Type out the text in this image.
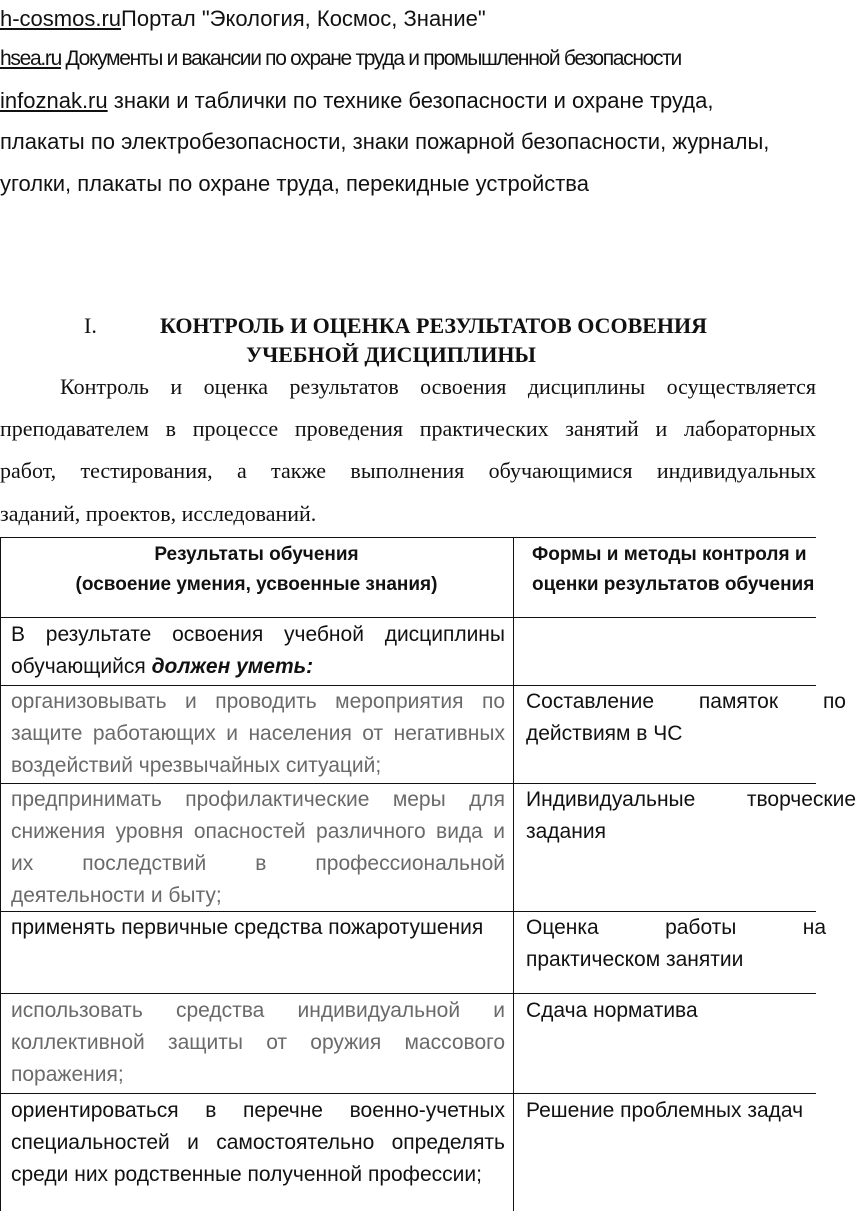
h-cosmos.ruПортал "Экология, Космос, Знание"
hsea.ru Документы и вакансии по охране труда и промышленной безопасности
infoznak.ru знаки и таблички по технике безопасности и охране труда,
плакаты по электробезопасности, знаки пожарной безопасности, журналы,
уголки, плакаты по охране труда, перекидные устройства
I.	КОНТРОЛЬ И ОЦЕНКА РЕЗУЛЬТАТОВ ОСОВЕНИЯ
УЧЕБНОЙ ДИСЦИПЛИНЫ
Контроль и оценка результатов освоения дисциплины осуществляется
преподавателем в процессе проведения практических занятий и лабораторных
работ, тестирования, а также выполнения обучающимися индивидуальных
заданий, проектов, исследований.
Результаты обучения
(освоение умения, усвоенные знания)
Формы и методы контроля и
оценки результатов обучения
В результате освоения учебной дисциплины
обучающийся должен уметь:
организовывать и проводить мероприятия по
защите работающих и населения от негативных
воздействий чрезвычайных ситуаций;
Составление памяток по
действиям в ЧС
предпринимать профилактические меры для
снижения уровня опасностей различного вида и
их последствий в профессиональной
деятельности и быту;
Индивидуальные творческие
задания
применять первичные средства пожаротушения	Оценка работы на
практическом занятии
использовать средства индивидуальной и
коллективной защиты от оружия массового
поражения;
Сдача норматива
ориентироваться в перечне военно-учетных
специальностей и самостоятельно определять
среди них родственные полученной профессии;
Решение проблемных задач
